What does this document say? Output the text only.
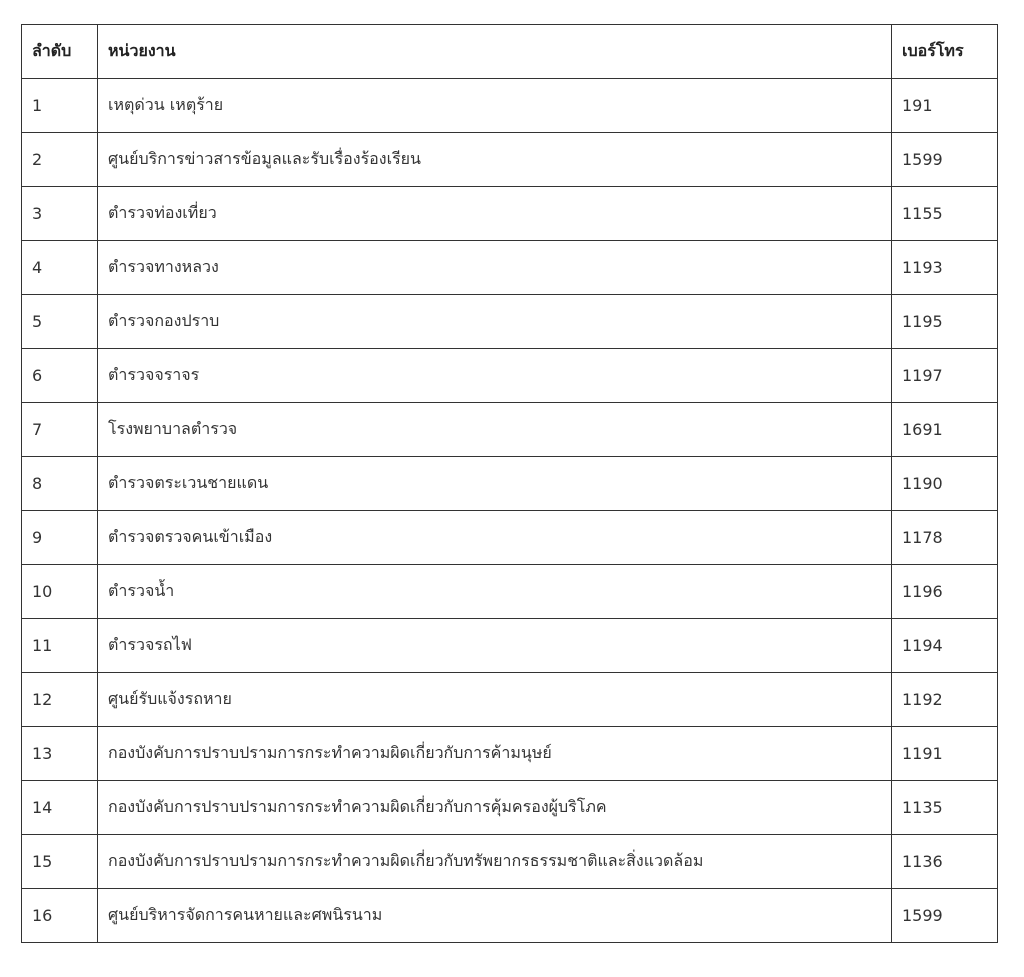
ลำดับ	หน่วยงาน	เบอร์โทร
1	เหตุด่วน เหตุร้าย	191
2	ศูนย์บริการข่าวสารข้อมูลและรับเรื่องร้องเรียน	1599
3	ตำรวจท่องเที่ยว	1155
4	ตำรวจทางหลวง	1193
5	ตำรวจกองปราบ	1195
6	ตำรวจจราจร	1197
7	โรงพยาบาลตำรวจ	1691
8	ตำรวจตระเวนชายแดน	1190
9	ตำรวจตรวจคนเข้าเมือง	1178
10	ตำรวจน้ำ	1196
11	ตำรวจรถไฟ	1194
12	ศูนย์รับแจ้งรถหาย	1192
13	กองบังคับการปราบปรามการกระทำความผิดเกี่ยวกับการค้ามนุษย์	1191
14	กองบังคับการปราบปรามการกระทำความผิดเกี่ยวกับการคุ้มครองผู้บริโภค	1135
15	กองบังคับการปราบปรามการกระทำความผิดเกี่ยวกับทรัพยากรธรรมชาติและสิ่งแวดล้อม	1136
16	ศูนย์บริหารจัดการคนหายและศพนิรนาม	1599
